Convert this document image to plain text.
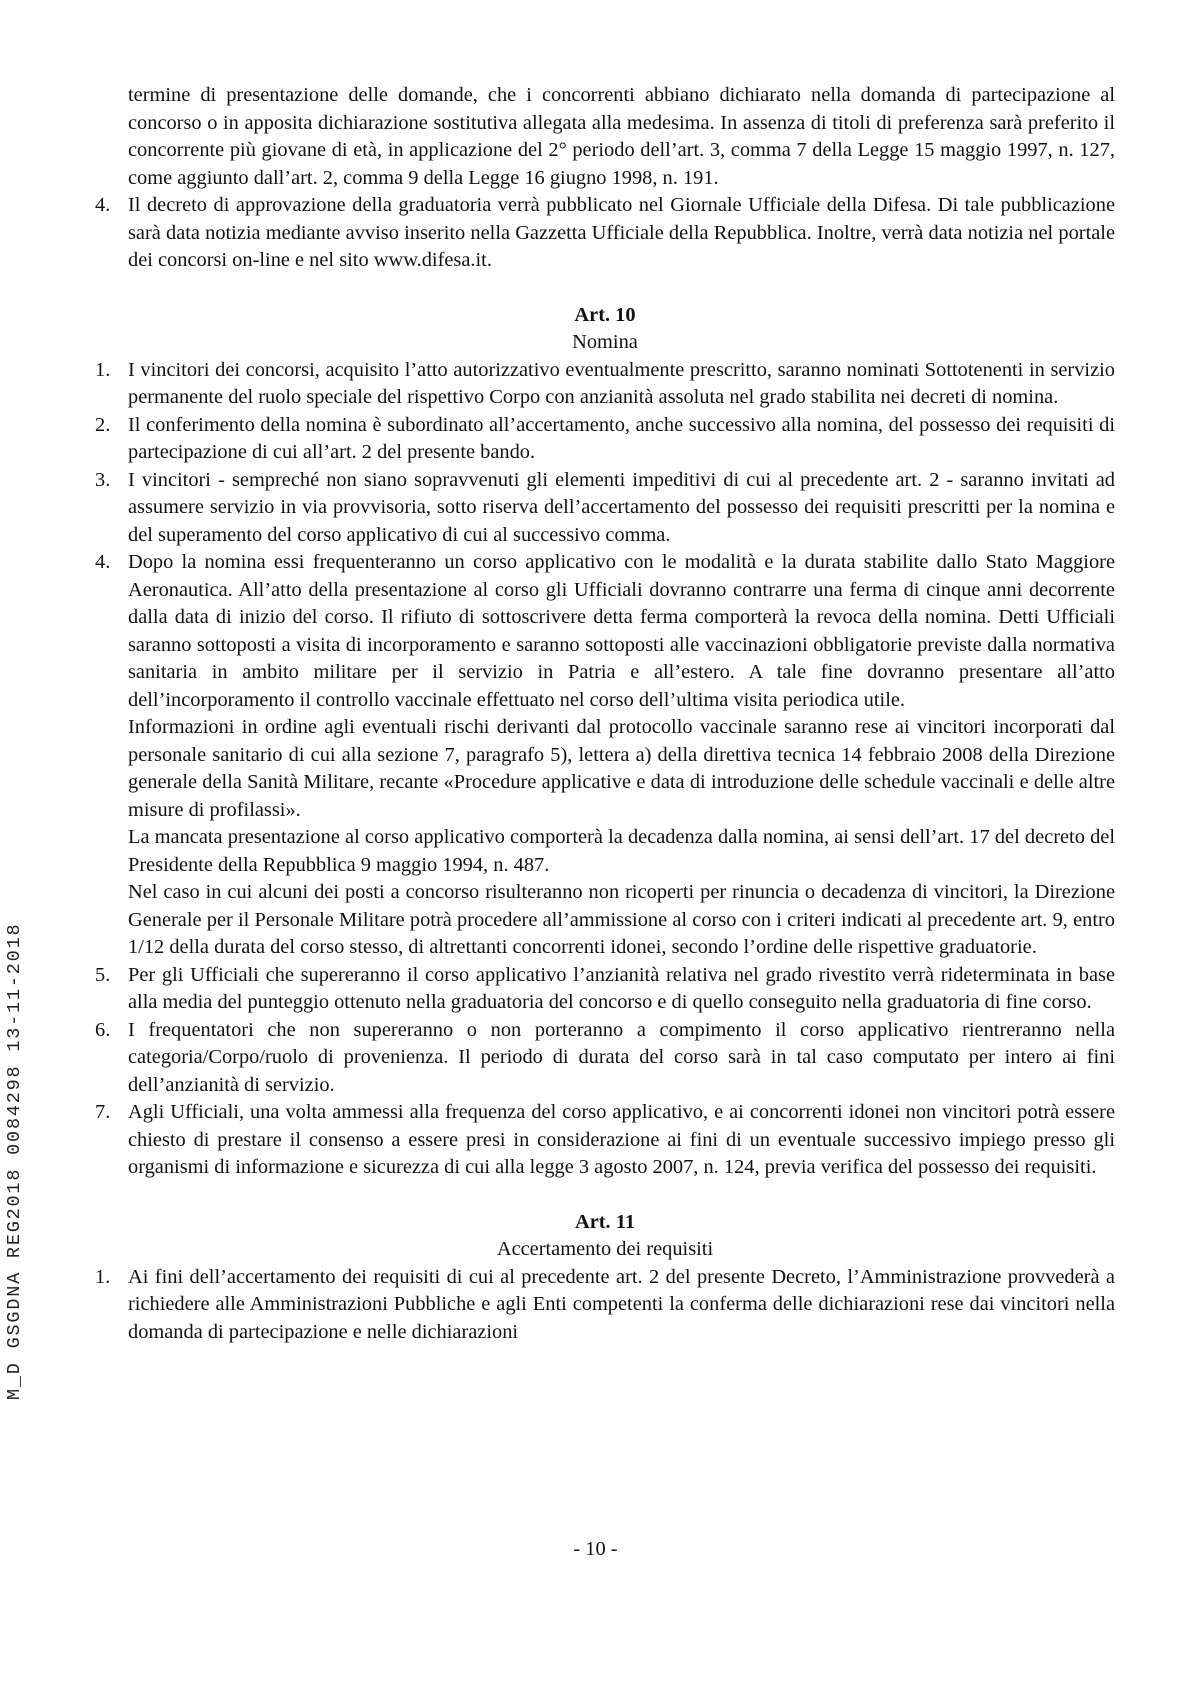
M_D GSGDNA REG2018 0084298 13-11-2018
termine di presentazione delle domande, che i concorrenti abbiano dichiarato nella domanda di partecipazione al concorso o in apposita dichiarazione sostitutiva allegata alla medesima. In assenza di titoli di preferenza sarà preferito il concorrente più giovane di età, in applicazione del 2° periodo dell’art. 3, comma 7 della Legge 15 maggio 1997, n. 127, come aggiunto dall’art. 2, comma 9 della Legge 16 giugno 1998, n. 191.
4. Il decreto di approvazione della graduatoria verrà pubblicato nel Giornale Ufficiale della Difesa. Di tale pubblicazione sarà data notizia mediante avviso inserito nella Gazzetta Ufficiale della Repubblica. Inoltre, verrà data notizia nel portale dei concorsi on-line e nel sito www.difesa.it.
Art. 10
Nomina
1. I vincitori dei concorsi, acquisito l’atto autorizzativo eventualmente prescritto, saranno nominati Sottotenenti in servizio permanente del ruolo speciale del rispettivo Corpo con anzianità assoluta nel grado stabilita nei decreti di nomina.
2. Il conferimento della nomina è subordinato all’accertamento, anche successivo alla nomina, del possesso dei requisiti di partecipazione di cui all’art. 2 del presente bando.
3. I vincitori - sempreché non siano sopravvenuti gli elementi impeditivi di cui al precedente art. 2 - saranno invitati ad assumere servizio in via provvisoria, sotto riserva dell’accertamento del possesso dei requisiti prescritti per la nomina e del superamento del corso applicativo di cui al successivo comma.
4. Dopo la nomina essi frequenteranno un corso applicativo con le modalità e la durata stabilite dallo Stato Maggiore Aeronautica. All’atto della presentazione al corso gli Ufficiali dovranno contrarre una ferma di cinque anni decorrente dalla data di inizio del corso. Il rifiuto di sottoscrivere detta ferma comporterà la revoca della nomina. Detti Ufficiali saranno sottoposti a visita di incorporamento e saranno sottoposti alle vaccinazioni obbligatorie previste dalla normativa sanitaria in ambito militare per il servizio in Patria e all’estero. A tale fine dovranno presentare all’atto dell’incorporamento il controllo vaccinale effettuato nel corso dell’ultima visita periodica utile.
Informazioni in ordine agli eventuali rischi derivanti dal protocollo vaccinale saranno rese ai vincitori incorporati dal personale sanitario di cui alla sezione 7, paragrafo 5), lettera a) della direttiva tecnica 14 febbraio 2008 della Direzione generale della Sanità Militare, recante «Procedure applicative e data di introduzione delle schedule vaccinali e delle altre misure di profilassi».
La mancata presentazione al corso applicativo comporterà la decadenza dalla nomina, ai sensi dell’art. 17 del decreto del Presidente della Repubblica 9 maggio 1994, n. 487.
Nel caso in cui alcuni dei posti a concorso risulteranno non ricoperti per rinuncia o decadenza di vincitori, la Direzione Generale per il Personale Militare potrà procedere all’ammissione al corso con i criteri indicati al precedente art. 9, entro 1/12 della durata del corso stesso, di altrettanti concorrenti idonei, secondo l’ordine delle rispettive graduatorie.
5. Per gli Ufficiali che supereranno il corso applicativo l’anzianità relativa nel grado rivestito verrà rideterminata in base alla media del punteggio ottenuto nella graduatoria del concorso e di quello conseguito nella graduatoria di fine corso.
6. I frequentatori che non supereranno o non porteranno a compimento il corso applicativo rientreranno nella categoria/Corpo/ruolo di provenienza. Il periodo di durata del corso sarà in tal caso computato per intero ai fini dell’anzianità di servizio.
7. Agli Ufficiali, una volta ammessi alla frequenza del corso applicativo, e ai concorrenti idonei non vincitori potrà essere chiesto di prestare il consenso a essere presi in considerazione ai fini di un eventuale successivo impiego presso gli organismi di informazione e sicurezza di cui alla legge 3 agosto 2007, n. 124, previa verifica del possesso dei requisiti.
Art. 11
Accertamento dei requisiti
1. Ai fini dell’accertamento dei requisiti di cui al precedente art. 2 del presente Decreto, l’Amministrazione provvederà a richiedere alle Amministrazioni Pubbliche e agli Enti competenti la conferma delle dichiarazioni rese dai vincitori nella domanda di partecipazione e nelle dichiarazioni
- 10 -
